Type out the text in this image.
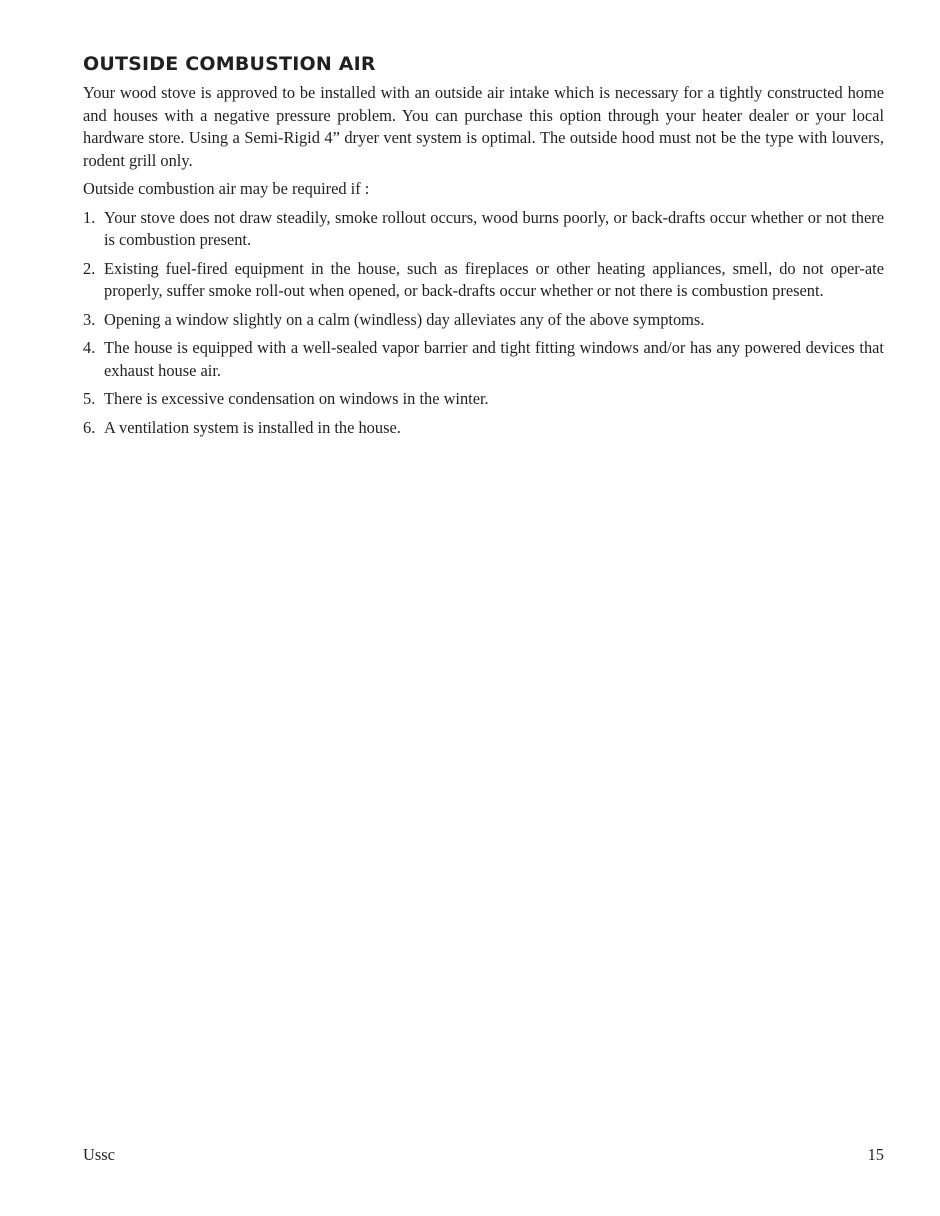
OUTSIDE COMBUSTION AIR

Your wood stove is approved to be installed with an outside air intake which is necessary for a tightly constructed home and houses with a negative pressure problem. You can purchase this option through your heater dealer or your local hardware store. Using a Semi-Rigid 4” dryer vent system is optimal. The outside hood must not be the type with louvers, rodent grill only.

Outside combustion air may be required if :

1. Your stove does not draw steadily, smoke rollout occurs, wood burns poorly, or back-drafts occur whether or not there is combustion present.
2. Existing fuel-fired equipment in the house, such as fireplaces or other heating appliances, smell, do not oper-ate properly, suffer smoke roll-out when opened, or back-drafts occur whether or not there is combustion present.
3. Opening a window slightly on a calm (windless) day alleviates any of the above symptoms.
4. The house is equipped with a well-sealed vapor barrier and tight fitting windows and/or has any powered devices that exhaust house air.
5. There is excessive condensation on windows in the winter.
6. A ventilation system is installed in the house.
Ussc	15
